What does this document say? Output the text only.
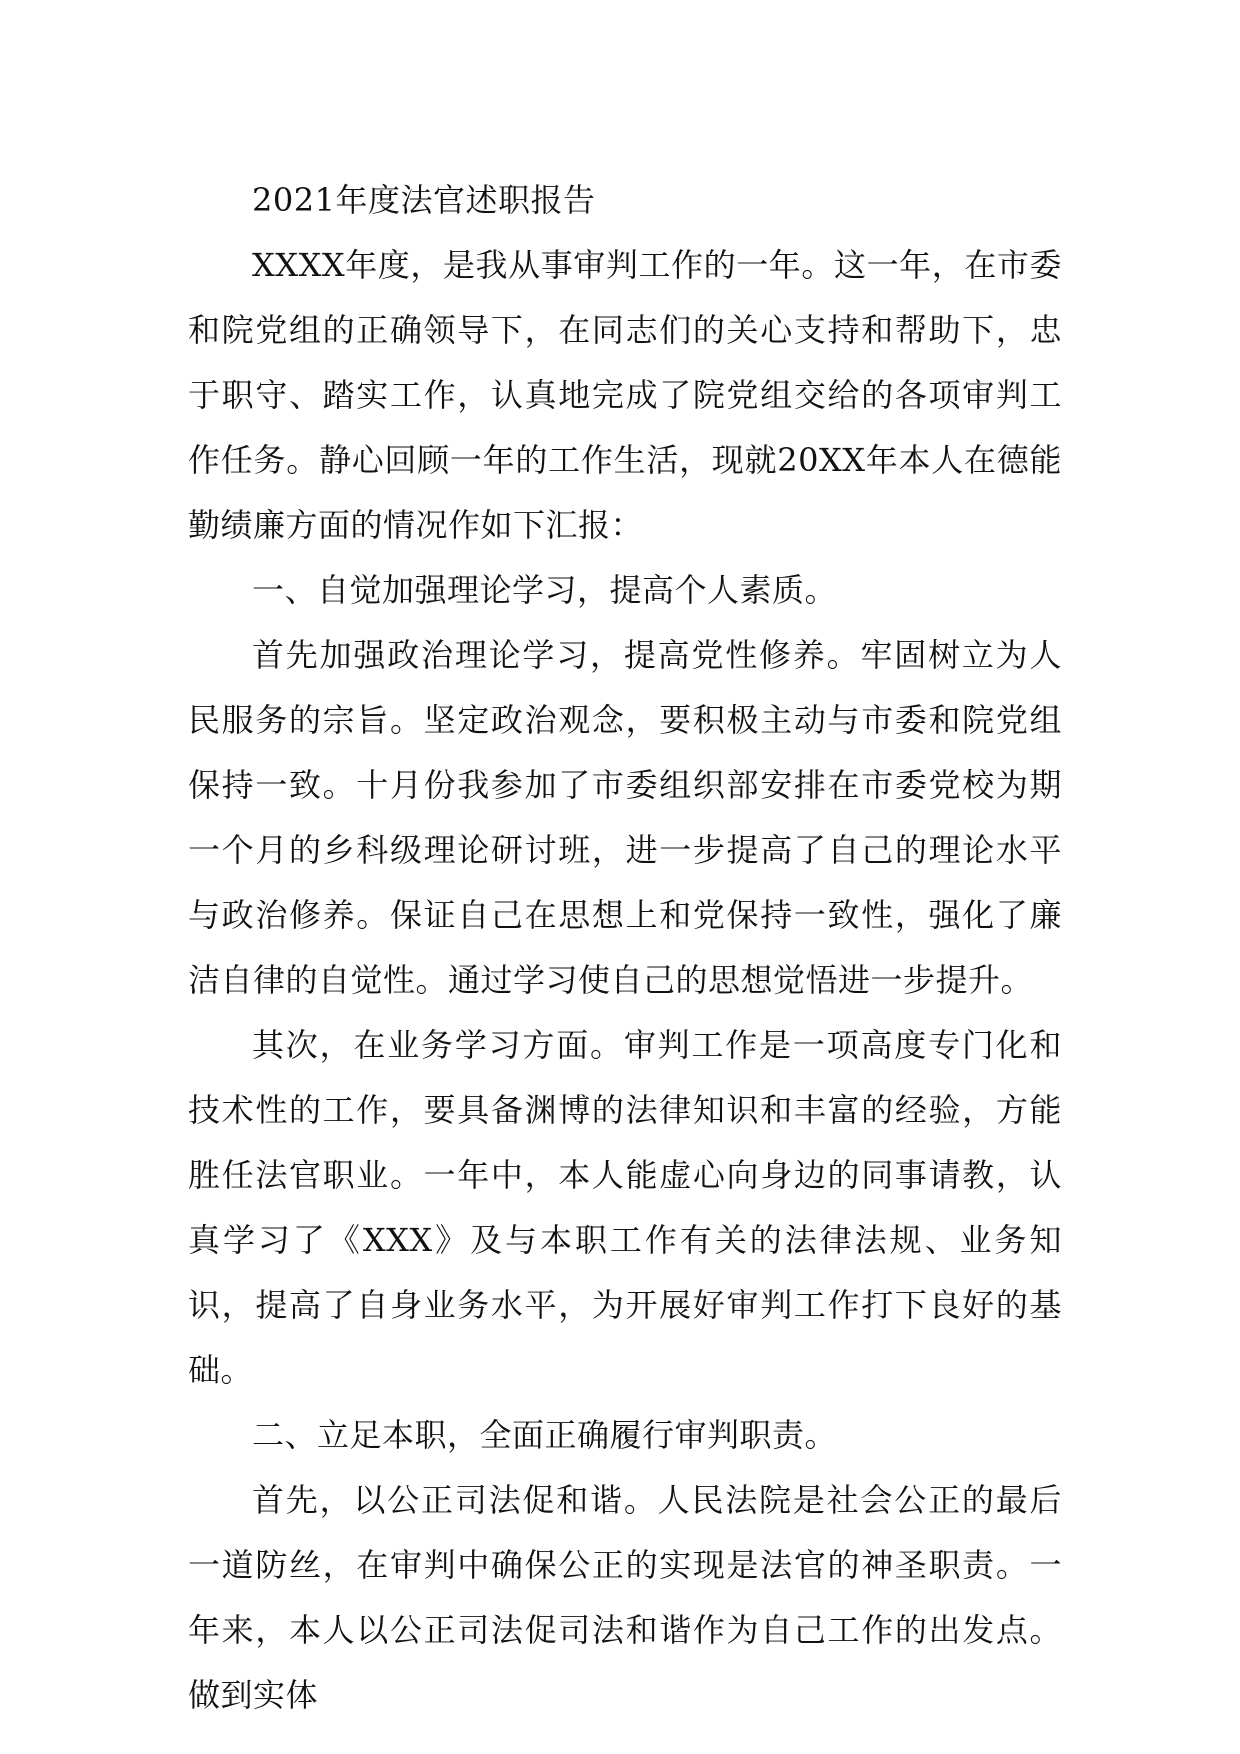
2021年度法官述职报告

XXXX年度，是我从事审判工作的一年。这一年，在市委和院党组的正确领导下，在同志们的关心支持和帮助下，忠于职守、踏实工作，认真地完成了院党组交给的各项审判工作任务。静心回顾一年的工作生活，现就20XX年本人在德能勤绩廉方面的情况作如下汇报：

一、自觉加强理论学习，提高个人素质。

首先加强政治理论学习，提高党性修养。牢固树立为人民服务的宗旨。坚定政治观念，要积极主动与市委和院党组保持一致。十月份我参加了市委组织部安排在市委党校为期一个月的乡科级理论研讨班，进一步提高了自己的理论水平与政治修养。保证自己在思想上和党保持一致性，强化了廉洁自律的自觉性。通过学习使自己的思想觉悟进一步提升。

其次，在业务学习方面。审判工作是一项高度专门化和技术性的工作，要具备渊博的法律知识和丰富的经验，方能胜任法官职业。一年中，本人能虚心向身边的同事请教，认真学习了《XXX》及与本职工作有关的法律法规、业务知识，提高了自身业务水平，为开展好审判工作打下良好的基础。

二、立足本职，全面正确履行审判职责。

首先，以公正司法促和谐。人民法院是社会公正的最后一道防丝，在审判中确保公正的实现是法官的神圣职责。一年来，本人以公正司法促司法和谐作为自己工作的出发点。做到实体
